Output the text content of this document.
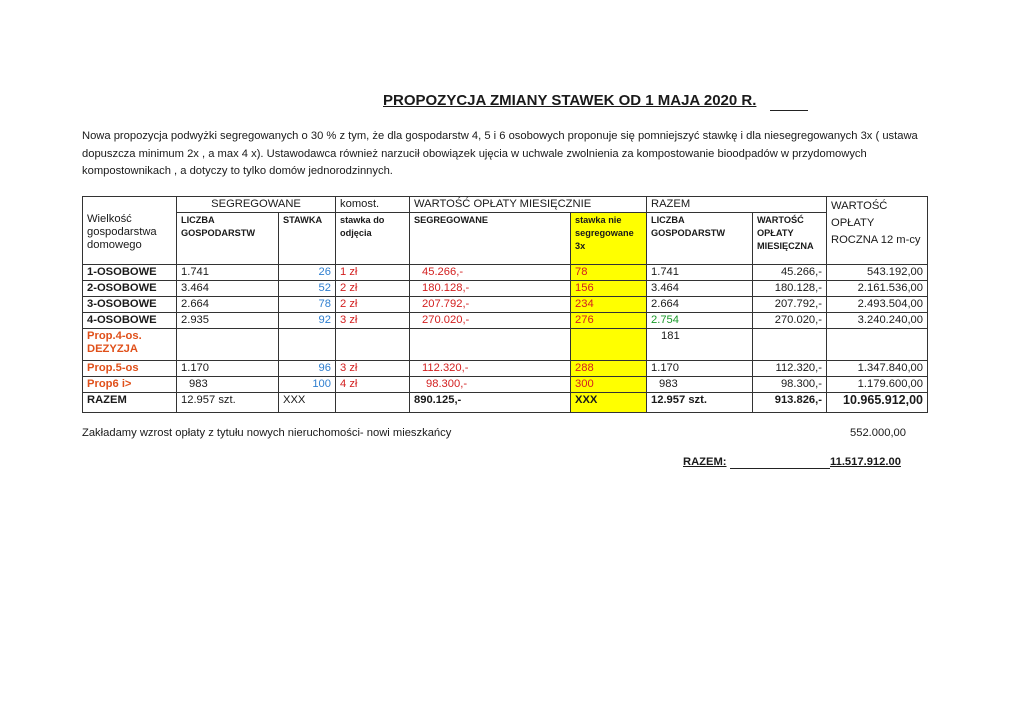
PROPOZYCJA ZMIANY STAWEK OD 1 MAJA 2020 R.
Nowa propozycja podwyżki segregowanych o 30 % z tym, że dla gospodarstw 4, 5 i 6 osobowych proponuje się pomniejszyć stawkę i dla niesegregowanych 3x ( ustawa dopuszcza minimum 2x , a max 4 x). Ustawodawca również narzucił obowiązek ujęcia w uchwale zwolnienia za kompostowanie bioodpadów w przydomowych kompostownikach , a dotyczy to tylko domów jednorodzinnych.
Wielkość gospodarstwa domowego	SEGREGOWANE		komost.	WARTOŚĆ OPŁATY MIESIĘCZNIE		RAZEM		WARTOŚĆ OPŁATY ROCZNA 12 m-cy

	LICZBA GOSPODARSTW	STAWKA	stawka do odjęcia	SEGREGOWANE	stawka nie segregowane 3x	LICZBA GOSPODARSTW	WARTOŚĆ OPŁATY MIESIĘCZNA	
1-OSOBOWE	1.741	26	1 zł	45.266,-	78	1.741	45.266,-	543.192,00
2-OSOBOWE	3.464	52	2 zł	180.128,-	156	3.464	180.128,-	2.161.536,00
3-OSOBOWE	2.664	78	2 zł	207.792,-	234	2.664	207.792,-	2.493.504,00
4-OSOBOWE	2.935	92	3 zł	270.020,-	276	2.754	270.020,-	3.240.240,00
Prop.4-os. DEZYZJA						181		
Prop.5-os	1.170	96	3 zł	112.320,-	288	1.170	112.320,-	1.347.840,00
Prop6 i>	983	100	4 zł	98.300,-	300	983	98.300,-	1.179.600,00
RAZEM	12.957 szt.	XXX		890.125,-	XXX	12.957 szt.	913.826,-	10.965.912,00
Zakładamy wzrost opłaty z tytułu nowych nieruchomości- nowi mieszkańcy	552.000,00
RAZEM:	11.517.912.00
